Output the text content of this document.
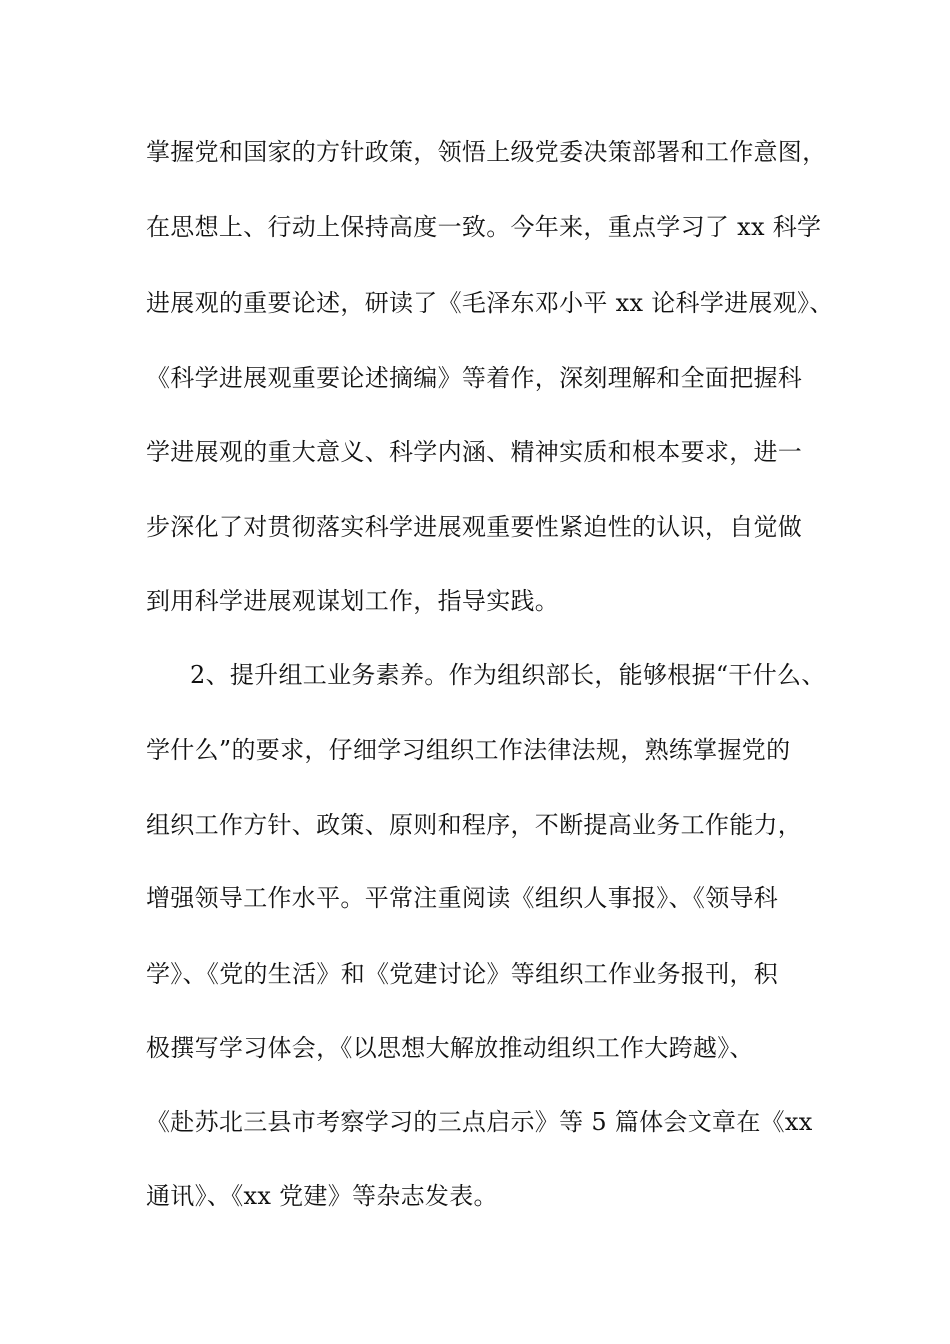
掌握党和国家的方针政策，领悟上级党委决策部署和工作意图，
在思想上、行动上保持高度一致。今年来，重点学习了 xx 科学
进展观的重要论述，研读了《毛泽东邓小平 xx 论科学进展观》、
《科学进展观重要论述摘编》等着作，深刻理解和全面把握科
学进展观的重大意义、科学内涵、精神实质和根本要求，进一
步深化了对贯彻落实科学进展观重要性紧迫性的认识，自觉做
到用科学进展观谋划工作，指导实践。
2、提升组工业务素养。作为组织部长，能够根据“干什么、
学什么”的要求，仔细学习组织工作法律法规，熟练掌握党的
组织工作方针、政策、原则和程序，不断提高业务工作能力，
增强领导工作水平。平常注重阅读《组织人事报》、《领导科
学》、《党的生活》和《党建讨论》等组织工作业务报刊，积
极撰写学习体会，《以思想大解放推动组织工作大跨越》、
《赴苏北三县市考察学习的三点启示》等 5 篇体会文章在《xx
通讯》、《xx 党建》等杂志发表。
